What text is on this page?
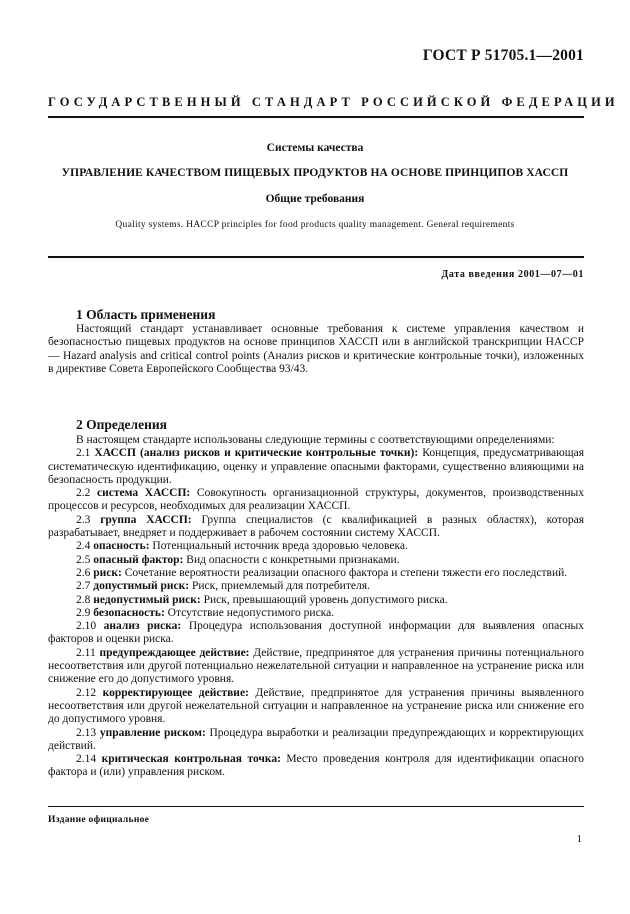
ГОСТ Р 51705.1—2001
ГОСУДАРСТВЕННЫЙ СТАНДАРТ РОССИЙСКОЙ ФЕДЕРАЦИИ
Системы качества
УПРАВЛЕНИЕ КАЧЕСТВОМ ПИЩЕВЫХ ПРОДУКТОВ НА ОСНОВЕ ПРИНЦИПОВ ХАССП
Общие требования
Quality systems. HACCP principles for food products quality management. General requirements
Дата введения 2001—07—01
1 Область применения

Настоящий стандарт устанавливает основные требования к системе управления качеством и безопасностью пищевых продуктов на основе принципов ХАССП или в английской транскрипции HACCP — Hazard analysis and critical control points (Анализ рисков и критические контрольные точки), изложенных в директиве Совета Европейского Сообщества 93/43.

2 Определения

В настоящем стандарте использованы следующие термины с соответствующими определениями:

2.1 ХАССП (анализ рисков и критические контрольные точки): Концепция, предусматривающая систематическую идентификацию, оценку и управление опасными факторами, существенно влияющими на безопасность продукции.

2.2 система ХАССП: Совокупность организационной структуры, документов, производственных процессов и ресурсов, необходимых для реализации ХАССП.

2.3 группа ХАССП: Группа специалистов (с квалификацией в разных областях), которая разрабатывает, внедряет и поддерживает в рабочем состоянии систему ХАССП.

2.4 опасность: Потенциальный источник вреда здоровью человека.

2.5 опасный фактор: Вид опасности с конкретными признаками.

2.6 риск: Сочетание вероятности реализации опасного фактора и степени тяжести его последствий.

2.7 допустимый риск: Риск, приемлемый для потребителя.

2.8 недопустимый риск: Риск, превышающий уровень допустимого риска.

2.9 безопасность: Отсутствие недопустимого риска.

2.10 анализ риска: Процедура использования доступной информации для выявления опасных факторов и оценки риска.

2.11 предупреждающее действие: Действие, предпринятое для устранения причины потенциального несоответствия или другой потенциально нежелательной ситуации и направленное на устранение риска или снижение его до допустимого уровня.

2.12 корректирующее действие: Действие, предпринятое для устранения причины выявленного несоответствия или другой нежелательной ситуации и направленное на устранение риска или снижение его до допустимого уровня.

2.13 управление риском: Процедура выработки и реализации предупреждающих и корректирующих действий.

2.14 критическая контрольная точка: Место проведения контроля для идентификации опасного фактора и (или) управления риском.

Издание официальное
1
